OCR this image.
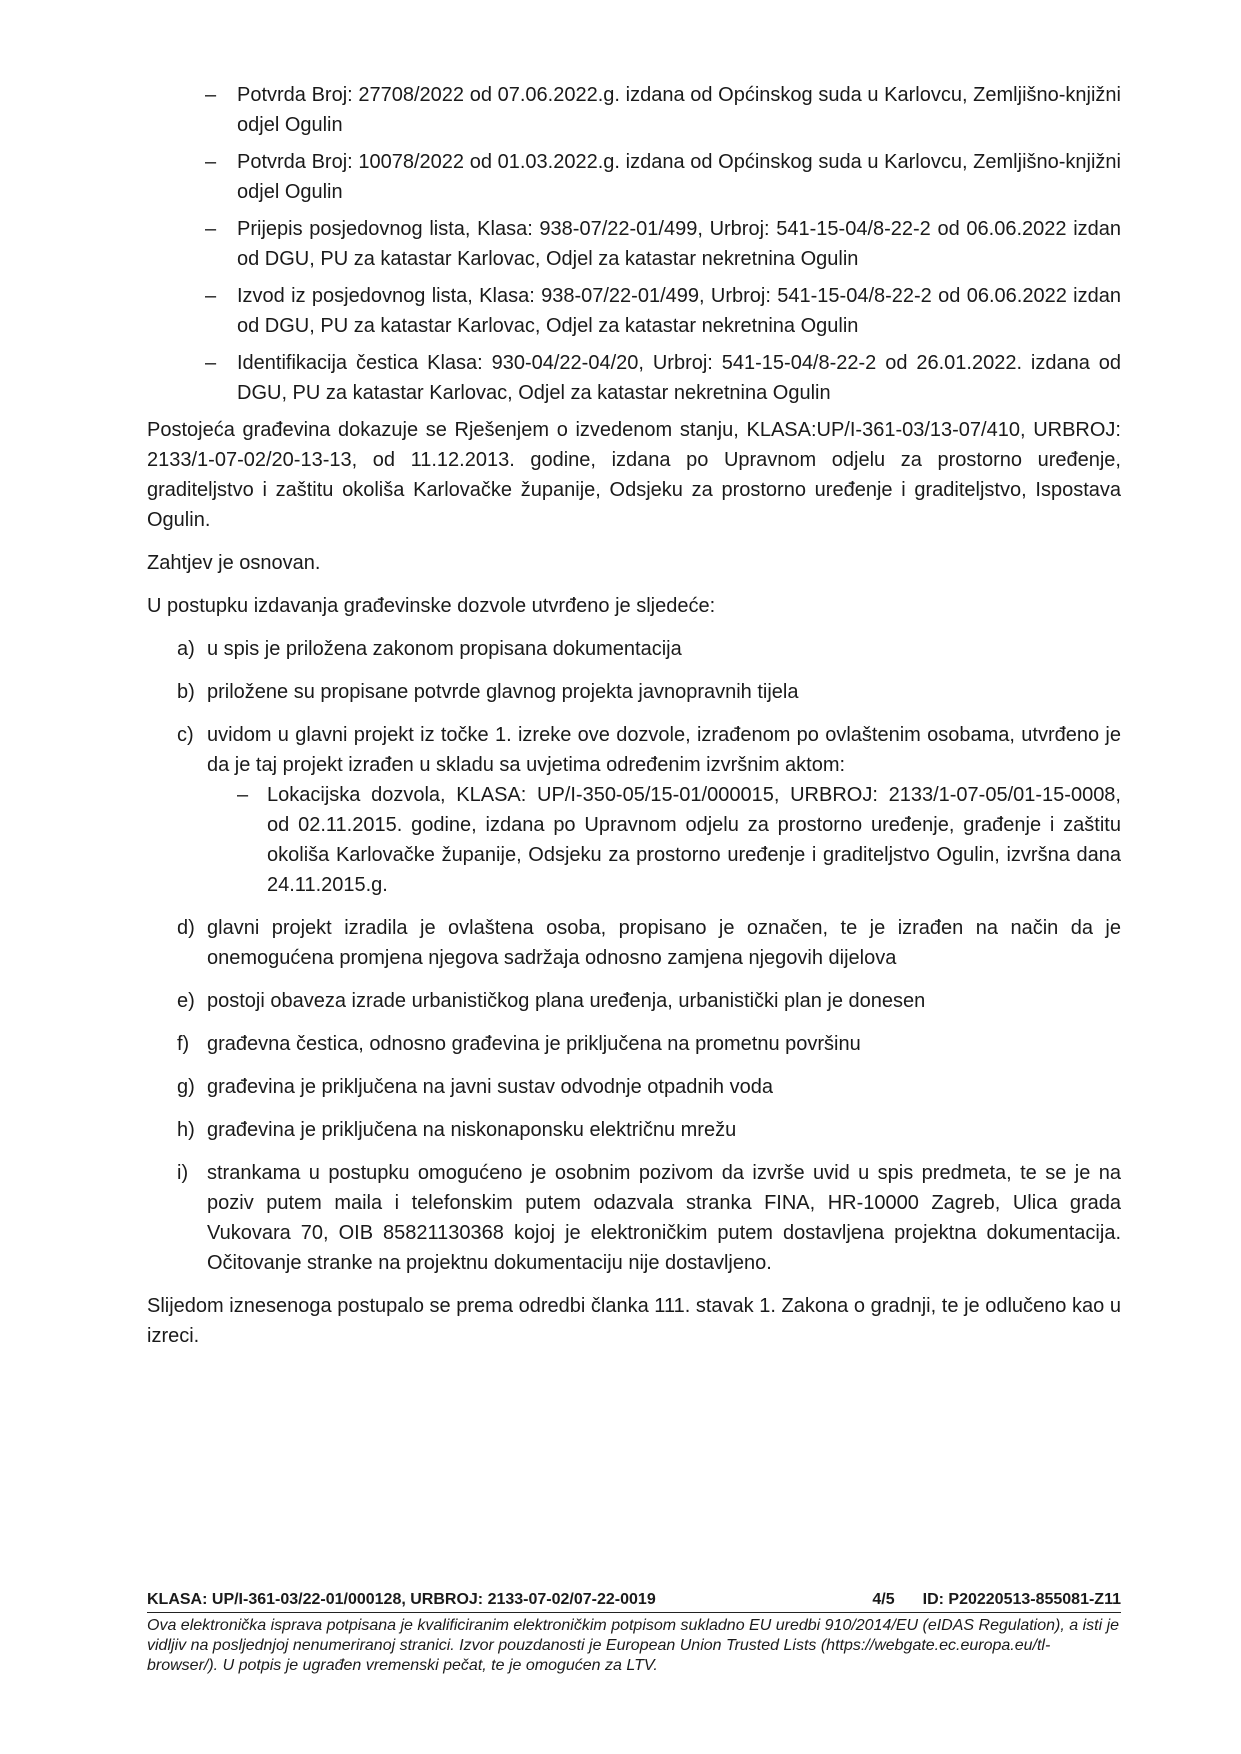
– Potvrda Broj: 27708/2022 od 07.06.2022.g. izdana od Općinskog suda u Karlovcu, Zemljišno-knjižni odjel Ogulin
– Potvrda Broj: 10078/2022 od 01.03.2022.g. izdana od Općinskog suda u Karlovcu, Zemljišno-knjižni odjel Ogulin
– Prijepis posjedovnog lista, Klasa: 938-07/22-01/499, Urbroj: 541-15-04/8-22-2 od 06.06.2022 izdan od DGU, PU za katastar Karlovac, Odjel za katastar nekretnina Ogulin
– Izvod iz posjedovnog lista, Klasa: 938-07/22-01/499, Urbroj: 541-15-04/8-22-2 od 06.06.2022 izdan od DGU, PU za katastar Karlovac, Odjel za katastar nekretnina Ogulin
– Identifikacija čestica Klasa: 930-04/22-04/20, Urbroj: 541-15-04/8-22-2 od 26.01.2022. izdana od DGU, PU za katastar Karlovac, Odjel za katastar nekretnina Ogulin

Postojeća građevina dokazuje se Rješenjem o izvedenom stanju, KLASA:UP/I-361-03/13-07/410, URBROJ: 2133/1-07-02/20-13-13, od 11.12.2013. godine, izdana po Upravnom odjelu za prostorno uređenje, graditeljstvo i zaštitu okoliša Karlovačke županije, Odsjeku za prostorno uređenje i graditeljstvo, Ispostava Ogulin.

Zahtjev je osnovan.

U postupku izdavanja građevinske dozvole utvrđeno je sljedeće:

a) u spis je priložena zakonom propisana dokumentacija
b) priložene su propisane potvrde glavnog projekta javnopravnih tijela
c) uvidom u glavni projekt iz točke 1. izreke ove dozvole, izrađenom po ovlaštenim osobama, utvrđeno je da je taj projekt izrađen u skladu sa uvjetima određenim izvršnim aktom:
– Lokacijska dozvola, KLASA: UP/I-350-05/15-01/000015, URBROJ: 2133/1-07-05/01-15-0008, od 02.11.2015. godine, izdana po Upravnom odjelu za prostorno uređenje, građenje i zaštitu okoliša Karlovačke županije, Odsjeku za prostorno uređenje i graditeljstvo Ogulin, izvršna dana 24.11.2015.g.
d) glavni projekt izradila je ovlaštena osoba, propisano je označen, te je izrađen na način da je onemogućena promjena njegova sadržaja odnosno zamjena njegovih dijelova
e) postoji obaveza izrade urbanističkog plana uređenja, urbanistički plan je donesen
f) građevna čestica, odnosno građevina je priključena na prometnu površinu
g) građevina je priključena na javni sustav odvodnje otpadnih voda
h) građevina je priključena na niskonaponsku električnu mrežu
i) strankama u postupku omogućeno je osobnim pozivom da izvrše uvid u spis predmeta, te se je na poziv putem maila i telefonskim putem odazvala stranka FINA, HR-10000 Zagreb, Ulica grada Vukovara 70, OIB 85821130368 kojoj je elektroničkim putem dostavljena projektna dokumentacija. Očitovanje stranke na projektnu dokumentaciju nije dostavljeno.

Slijedom iznesenoga postupalo se prema odredbi članka 111. stavak 1. Zakona o gradnji, te je odlučeno kao u izreci.

KLASA: UP/I-361-03/22-01/000128, URBROJ: 2133-07-02/07-22-0019	4/5 ID: P20220513-855081-Z11
Ova elektronička isprava potpisana je kvalificiranim elektroničkim potpisom sukladno EU uredbi 910/2014/EU (eIDAS Regulation), a isti je vidljiv na posljednjoj nenumeriranoj stranici. Izvor pouzdanosti je European Union Trusted Lists (https://webgate.ec.europa.eu/tl-browser/). U potpis je ugrađen vremenski pečat, te je omogućen za LTV.
